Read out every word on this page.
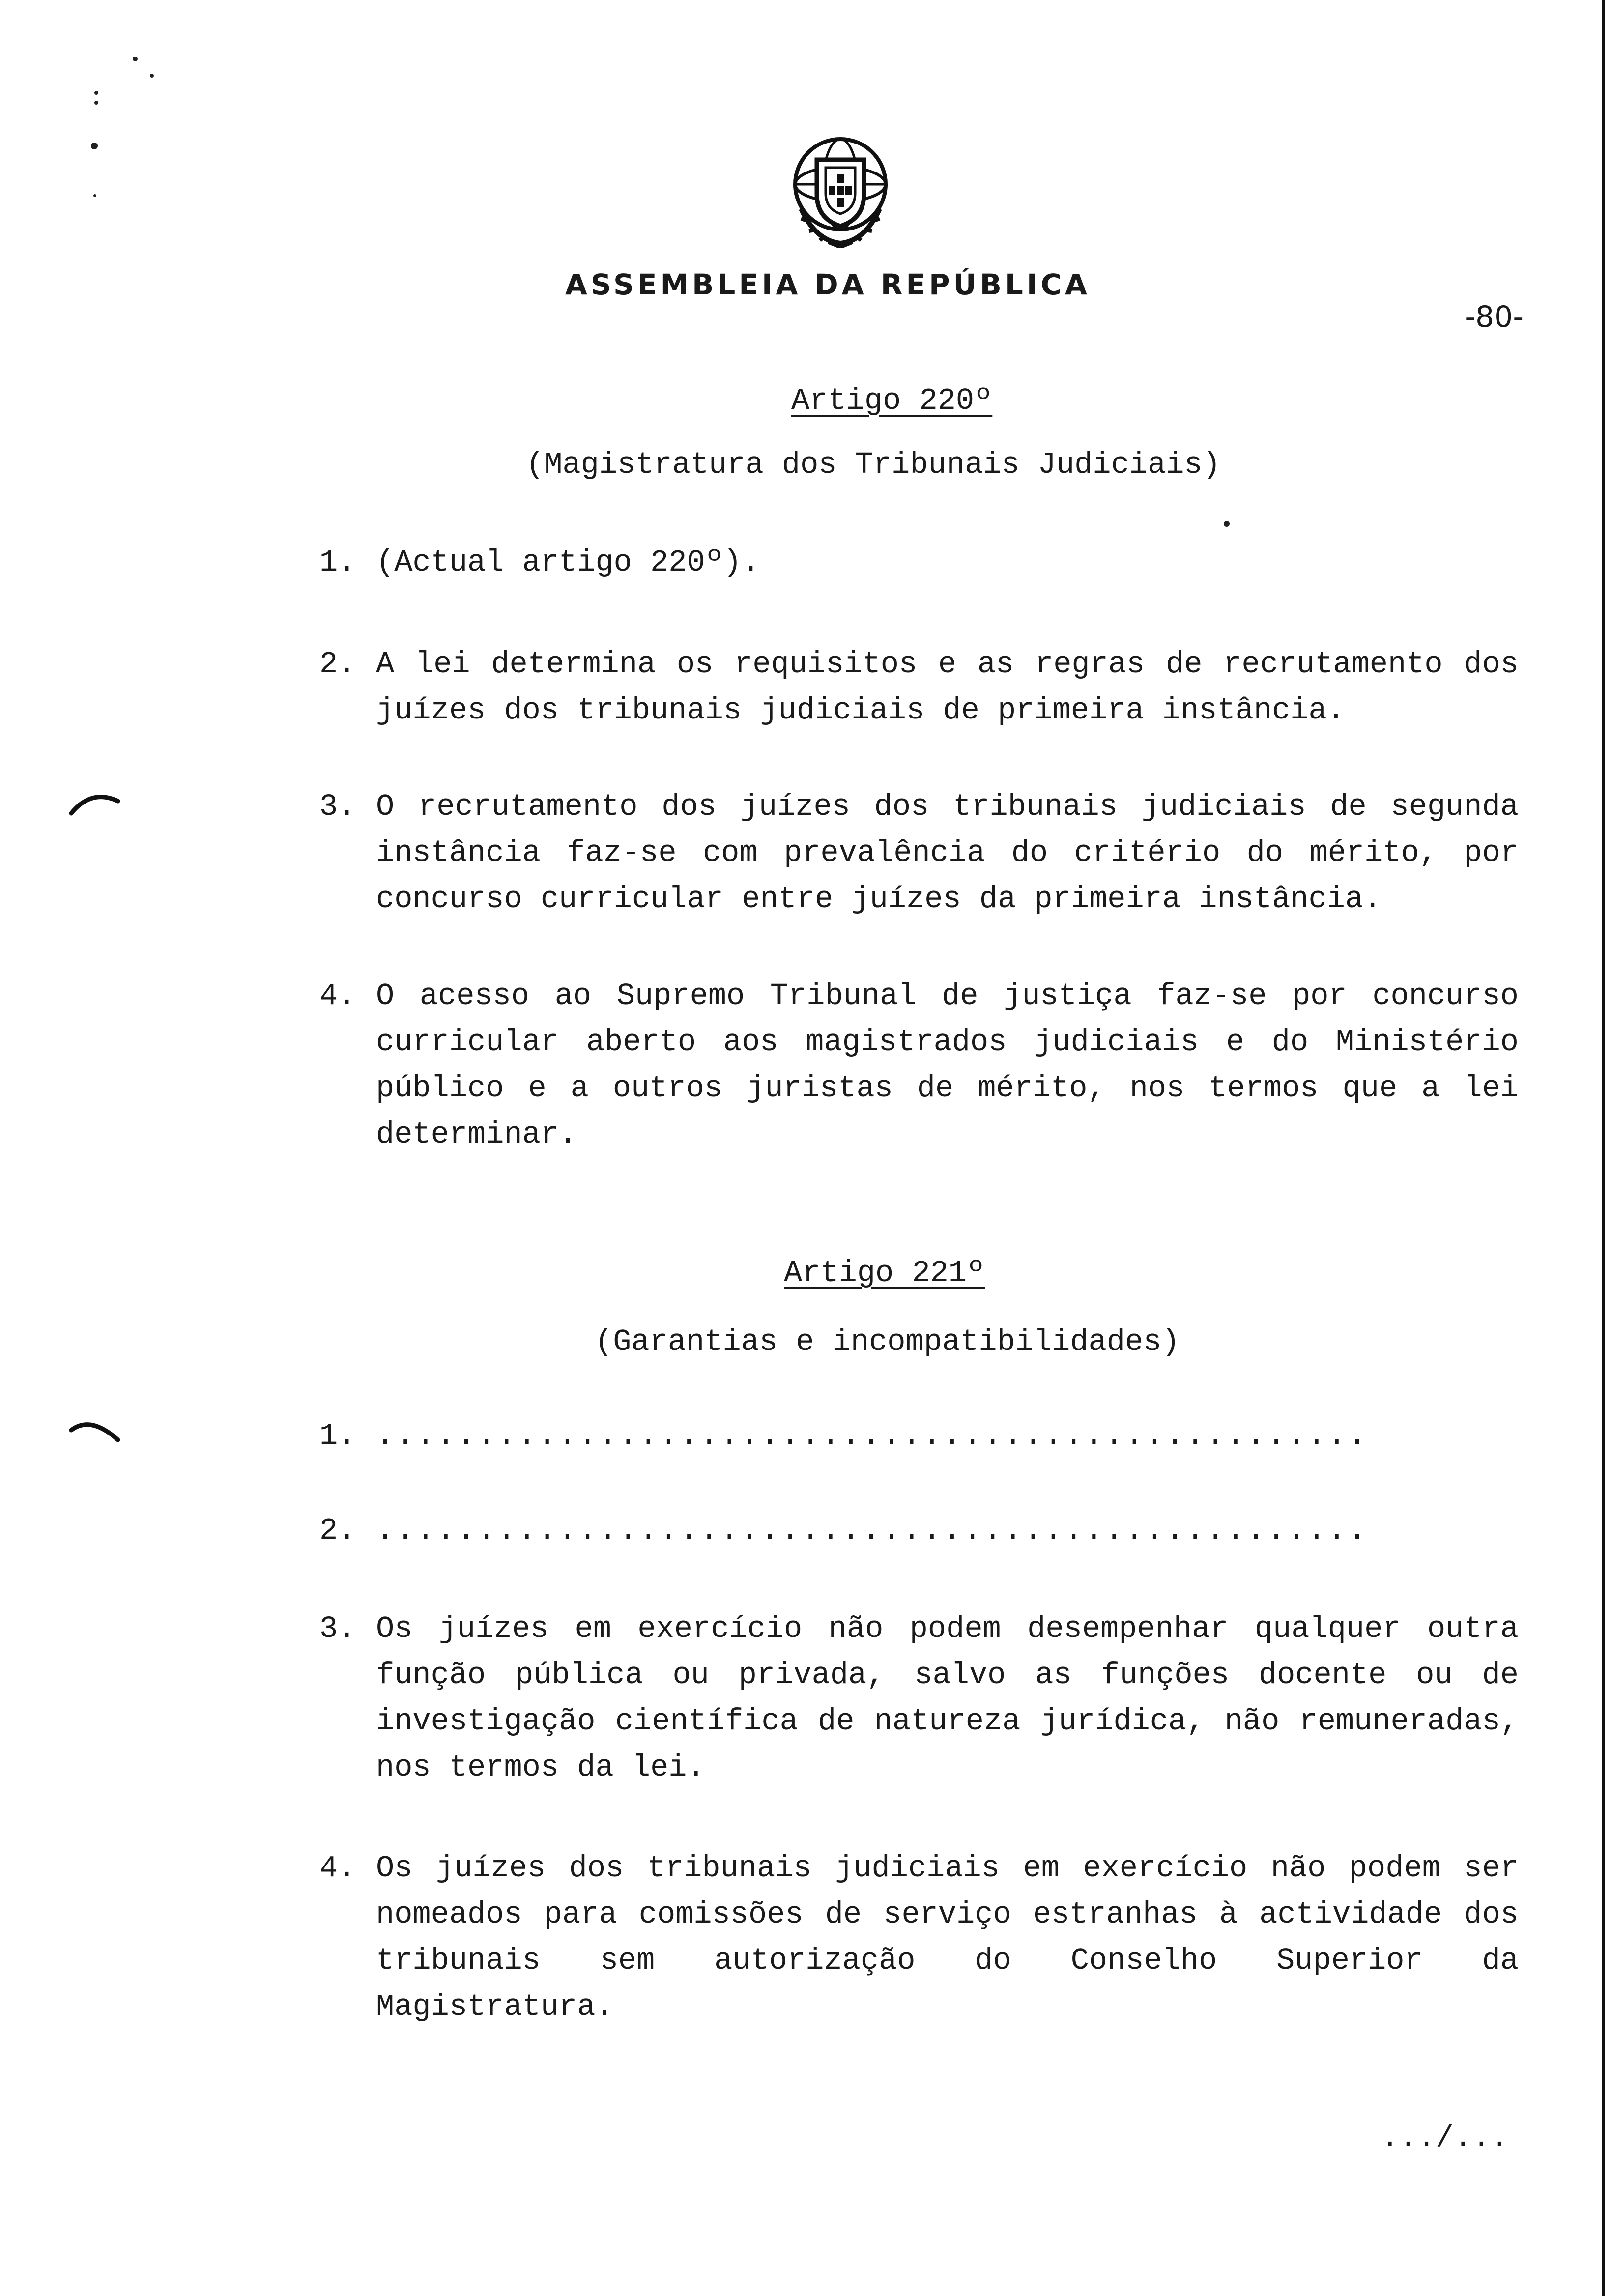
ASSEMBLEIA DA REPÚBLICA
-80-
Artigo 220º
(Magistratura dos Tribunais Judiciais)
1. (Actual artigo 220º).
2. A lei determina os requisitos e as regras de recrutamento dos juízes dos tribunais judiciais de primeira instância.
3. O recrutamento dos juízes dos tribunais judiciais de segunda instância faz-se com prevalência do critério do mérito, por concurso curricular entre juízes da primeira instância.
4. O acesso ao Supremo Tribunal de justiça faz-se por concurso curricular aberto aos magistrados judiciais e do Ministério público e a outros juristas de mérito, nos termos que a lei determinar.
Artigo 221º
(Garantias e incompatibilidades)
1. .................................................
2. .................................................
3. Os juízes em exercício não podem desempenhar qualquer outra função pública ou privada, salvo as funções docente ou de investigação científica de natureza jurídica, não remuneradas, nos termos da lei.
4. Os juízes dos tribunais judiciais em exercício não podem ser nomeados para comissões de serviço estranhas à actividade dos tribunais sem autorização do Conselho Superior da Magistratura.
.../...
